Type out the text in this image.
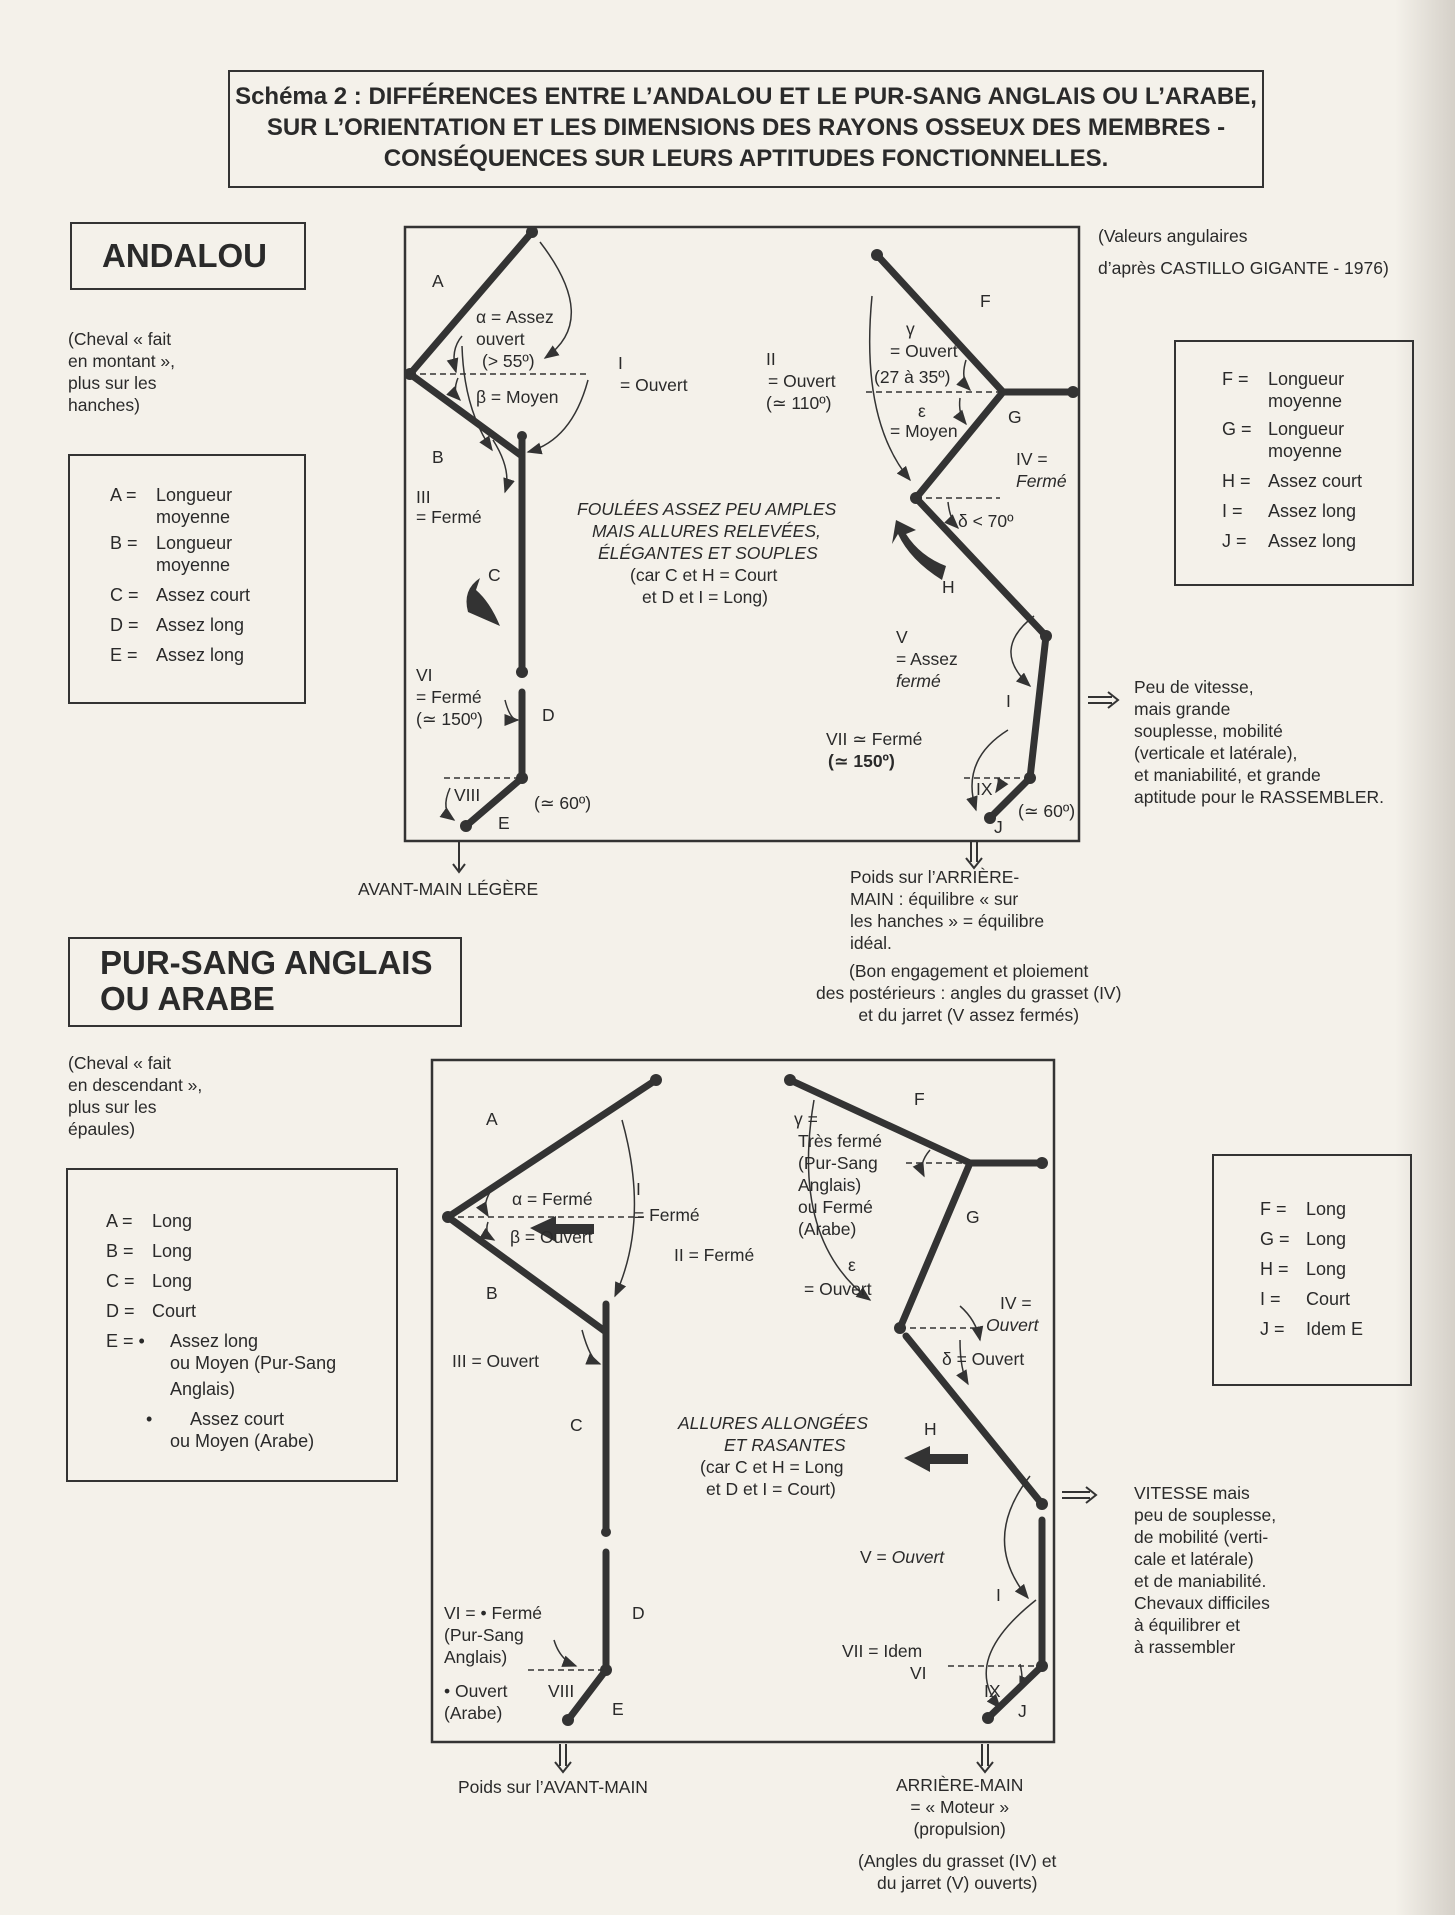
Schéma 2 : DIFFÉRENCES ENTRE L’ANDALOU ET LE PUR-SANG ANGLAIS OU L’ARABE,
SUR L’ORIENTATION ET LES DIMENSIONS DES RAYONS OSSEUX DES MEMBRES -
CONSÉQUENCES SUR LEURS APTITUDES FONCTIONNELLES.
ANDALOU
(Cheval « fait
en montant »,
plus sur les
hanches)
(Valeurs angulaires
d’après CASTILLO GIGANTE - 1976)
A = Longueur
moyenne
B = Longueur
moyenne
C = Assez court
D = Assez long
E = Assez long
F = Longueur
moyenne
G = Longueur
moyenne
H = Assez court
I = Assez long
J = Assez long
A
α = Assez
ouvert
(> 55º)
β = Moyen
I
= Ouvert
B
III
= Fermé
C
VI
= Fermé
(≃ 150º)	D
VIII	(≃ 60º)
E
FOULÉES ASSEZ PEU AMPLES
MAIS ALLURES RELEVÉES,
ÉLÉGANTES ET SOUPLES
(car C et H = Court
et D et I = Long)
F
γ
= Ouvert
(27 à 35º)
II
= Ouvert
(≃ 110º)	ε
= Moyen
G
IV =
Fermé
δ < 70º
H
V
= Assez
fermé
I
VII ≃ Fermé
(≃ 150º)
IX
J
(≃ 60º)
AVANT-MAIN LÉGÈRE
Poids sur l’ARRIÈRE-
MAIN : équilibre « sur
les hanches » = équilibre
idéal.
(Bon engagement et ploiement
des postérieurs : angles du grasset (IV)
et du jarret (V assez fermés)
Peu de vitesse,
mais grande
souplesse, mobilité
(verticale et latérale),
et maniabilité, et grande
aptitude pour le RASSEMBLER.
PUR-SANG ANGLAIS
OU ARABE
(Cheval « fait
en descendant »,
plus sur les
épaules)
A = Long
B = Long
C = Long
D = Court
E = • Assez long
ou Moyen (Pur-Sang
Anglais)
• Assez court
ou Moyen (Arabe)
F = Long
G = Long
H = Long
I = Court
J = Idem E
A
α = Fermé
β = Ouvert
I
= Fermé
B
III = Ouvert
C
VI = • Fermé
(Pur-Sang
Anglais)
• Ouvert
(Arabe)
VIII
D
E
F
γ =
Très fermé
(Pur-Sang
Anglais)
ou Fermé
(Arabe)
G
II = Fermé	ε
= Ouvert
IV =
Ouvert
δ = Ouvert
H
ALLURES ALLONGÉES
ET RASANTES
(car C et H = Long
et D et I = Court)
V = Ouvert
I
VII = Idem
VI
IX
J
Poids sur l’AVANT-MAIN	ARRIÈRE-MAIN
= « Moteur »
(propulsion)
(Angles du grasset (IV) et
du jarret (V) ouverts)
VITESSE mais
peu de souplesse,
de mobilité (verti-
cale et latérale)
et de maniabilité.
Chevaux difficiles
à équilibrer et
à rassembler
